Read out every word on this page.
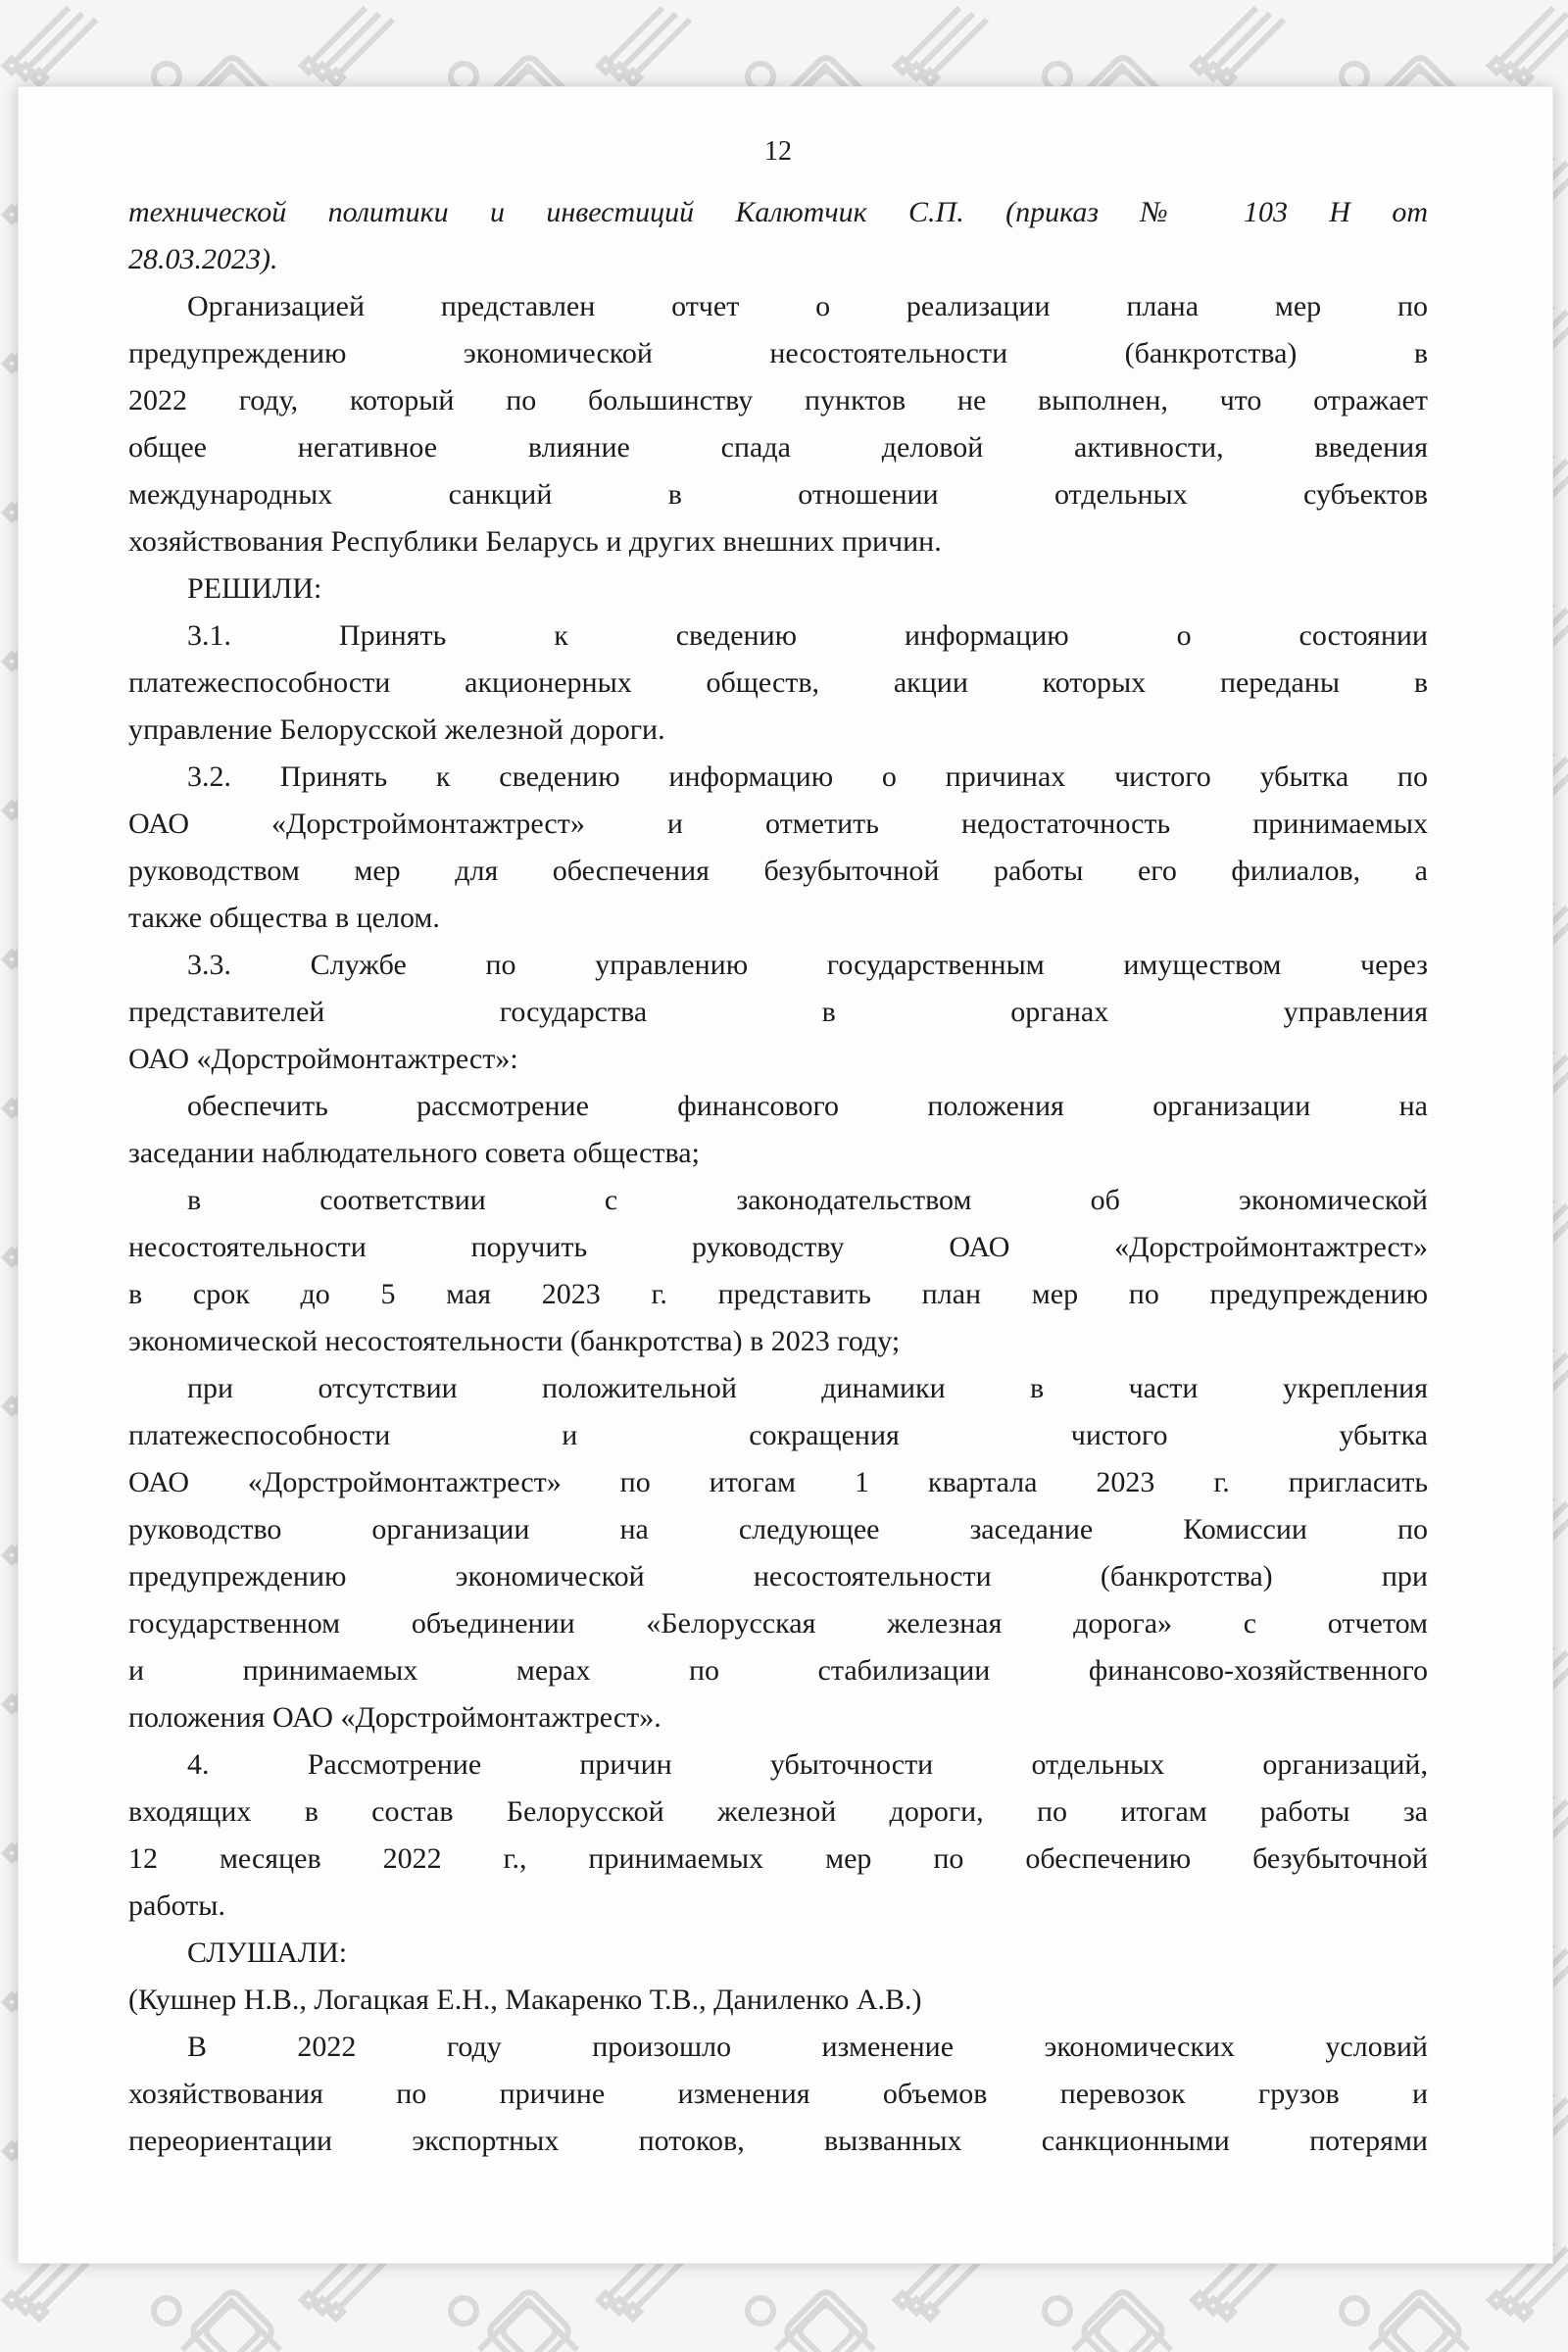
12
технической политики и инвестиций Калютчик С.П. (приказ № 103 Н от
28.03.2023).
Организацией представлен отчет о реализации плана мер по
предупреждению экономической несостоятельности (банкротства) в
2022 году, который по большинству пунктов не выполнен, что отражает
общее негативное влияние спада деловой активности, введения
международных санкций в отношении отдельных субъектов
хозяйствования Республики Беларусь и других внешних причин.
РЕШИЛИ:
3.1. Принять к сведению информацию о состоянии
платежеспособности акционерных обществ, акции которых переданы в
управление Белорусской железной дороги.
3.2. Принять к сведению информацию о причинах чистого убытка по
ОАО «Дорстроймонтажтрест» и отметить недостаточность принимаемых
руководством мер для обеспечения безубыточной работы его филиалов, а
также общества в целом.
3.3. Службе по управлению государственным имуществом через
представителей государства в органах управления
ОАО «Дорстроймонтажтрест»:
обеспечить рассмотрение финансового положения организации на
заседании наблюдательного совета общества;
в соответствии с законодательством об экономической
несостоятельности поручить руководству ОАО «Дорстроймонтажтрест»
в срок до 5 мая 2023 г. представить план мер по предупреждению
экономической несостоятельности (банкротства) в 2023 году;
при отсутствии положительной динамики в части укрепления
платежеспособности и сокращения чистого убытка
ОАО «Дорстроймонтажтрест» по итогам 1 квартала 2023 г. пригласить
руководство организации на следующее заседание Комиссии по
предупреждению экономической несостоятельности (банкротства) при
государственном объединении «Белорусская железная дорога» с отчетом
и принимаемых мерах по стабилизации финансово-хозяйственного
положения ОАО «Дорстроймонтажтрест».
4. Рассмотрение причин убыточности отдельных организаций,
входящих в состав Белорусской железной дороги, по итогам работы за
12 месяцев 2022 г., принимаемых мер по обеспечению безубыточной
работы.
СЛУШАЛИ:
(Кушнер Н.В., Логацкая Е.Н., Макаренко Т.В., Даниленко А.В.)
В 2022 году произошло изменение экономических условий
хозяйствования по причине изменения объемов перевозок грузов и
переориентации экспортных потоков, вызванных санкционными потерями
